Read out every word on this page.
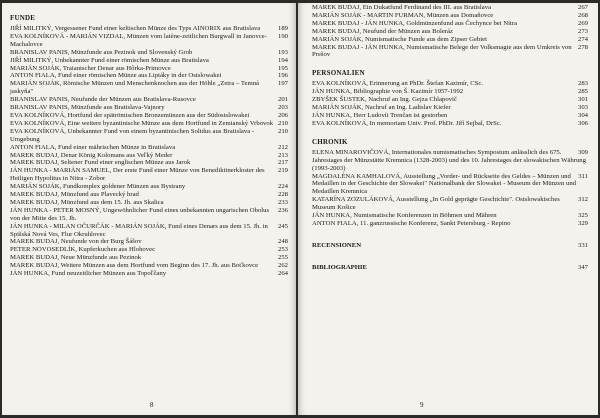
FUNDE
189
JIŘÍ MILITKÝ, Vergessener Fund einer keltischen Münze des Typs AINORIX aus Bratislava
190
EVA KOLNÍKOVÁ - MARIÁN VIZDAL, Münzen vom latène-zeitlichen Burgwall in Janovce-Machalovce
193
BRANISLAV PANIS, Münzfunde aus Pezinok und Slovenský Grob
194
JIŘÍ MILITKÝ, Unbekannter Fund einer römischen Münze aus Bratislava
195
MARIÁN SOJÁK, Traianischer Denar aus Hôrka-Primovce
196
ANTON FIALA, Fund einer römischen Münze aus Liptáky in der Ostslowakei
197
MARIÁN SOJÁK, Römische Münzen und Menschenknochen aus der Höhle „Zetra – Temná jaskyňa"
201
BRANISLAV PANIS, Neufunde der Münzen aus Bratislava-Rusovce
203
BRANISLAV PANIS, Münzfunde aus Bratislava-Vajnory
206
EVA KOLNÍKOVÁ, Hortfund der spätrömischen Bronzemünzen aus der Südostslowakei
210
EVA KOLNÍKOVÁ, Eine weitere byzantinische Münze aus dem Hortfund in Zemianský Vrbovok
210
EVA KOLNÍKOVÁ, Unbekannter Fund von einem byzantinischen Solidus aus Bratislava - Umgebung
212
ANTON FIALA, Fund einer mährischen Münze in Bratislava
213
MAREK BUDAJ, Denar König Kolomans aus Veľký Meder
217
MAREK BUDAJ, Seltener Fund einer englischen Münze aus Jarok
219
JÁN HUNKA - MARIÁN SAMUEL, Der erste Fund einer Münze von Benediktinerkloster des Heiligen Hypolitus in Nitra - Zobor
224
MARIÁN SOJÁK, Fundkomplex goldener Münzen aus Bystrany
228
MAREK BUDAJ, Münzfund aus Plavecký hrad
233
MAREK BUDAJ, Münzfund aus dem 15. Jh. aus Skalica
236
JÁN HUNKA - PETER MOSNÝ, Ungewöhnlicher Fund eines unbekannten ungarischen Obolus von der Mitte des 15. Jh.
245
JÁN HUNKA - MILAN OČURČÁK - MARIÁN SOJÁK, Fund eines Denars aus dem 15. Jh. in Spišská Nová Ves, Flur Okruhlovec
248
MAREK BUDAJ, Neufunde von der Burg Šášov
253
PETER NOVOSEDLÍK, Kupferkuchen aus Hlohovec
255
MAREK BUDAJ, Neue Münzfunde aus Pezinok
262
MAREK BUDAJ, Weitere Münzen aus dem Hortfund vom Beginn des 17. Jh. aus Boťkovce
264
JÁN HUNKA, Fund neuzeitlicher Münzen aus Topoľčany
8
267
MAREK BUDAJ, Ein Dukatfund Ferdinand des III. aus Bratislava
268
MARIÁN SOJÁK - MARTIN FURMAN, Münzen aus Domaňovce
269
MAREK BUDAJ - JÁN HUNKA, Goldmünzenfund aus Čechynce bei Nitra
273
MAREK BUDAJ, Neufund der Münzen aus Boleráz
274
MARIÁN SOJÁK, Numismatische Funde aus dem Zipser Gebiet
278
MAREK BUDAJ - JÁN HUNKA, Numismatische Belege der Volksmagie aus dem Umkreis von Prešov
PERSONALIEN
283
EVA KOLNÍKOVÁ, Erinnerung an PhDr. Štefan Kazimír, CSc.
285
JÁN HUNKA, Bibliographie von Š. Kazimír 1957-1992
301
ZBYŠEK ŠUSTEK, Nachruf an Ing. Gejza Chlapovič
303
MARIÁN SOJÁK, Nachruf an Ing. Ladislav Kiefer
304
JÁN HUNKA, Herr Ludovít Trenčan ist gestorben
306
EVA KOLNÍKOVÁ, In memoriam Univ. Prof. PhDr. Jiří Sejbal, DrSc.
CHRONIK
309
ELENA MINAROVIČOVÁ, Internationales numismatisches Symposium anlässlich des 675. Jahrestages der Münzstätte Kremnica (1328-2003) und des 10. Jahrestages der slowakischen Währung (1993-2003)
311
MAGDALÉNA KAMHALOVÁ, Ausstellung „Vorder- und Rückseite des Geldes – Münzen und Medaillen in der Geschichte der Slowakei" Nationalbank der Slowakei - Museum der Münzen und Medaillen Kremnica
312
KATARÍNA ZOZULÁKOVÁ, Ausstellung „In Gold geprägte Geschichte". Ostslowakisches Museum Košice
325
JÁN HUNKA, Numismatische Konferenzen in Böhmen und Mähren
329
ANTON FIALA, 11. ganzrussische Konferenz, Sankt Petersburg - Repino
331
RECENSIONEN
347
BIBLIOGRAPHIE
9
